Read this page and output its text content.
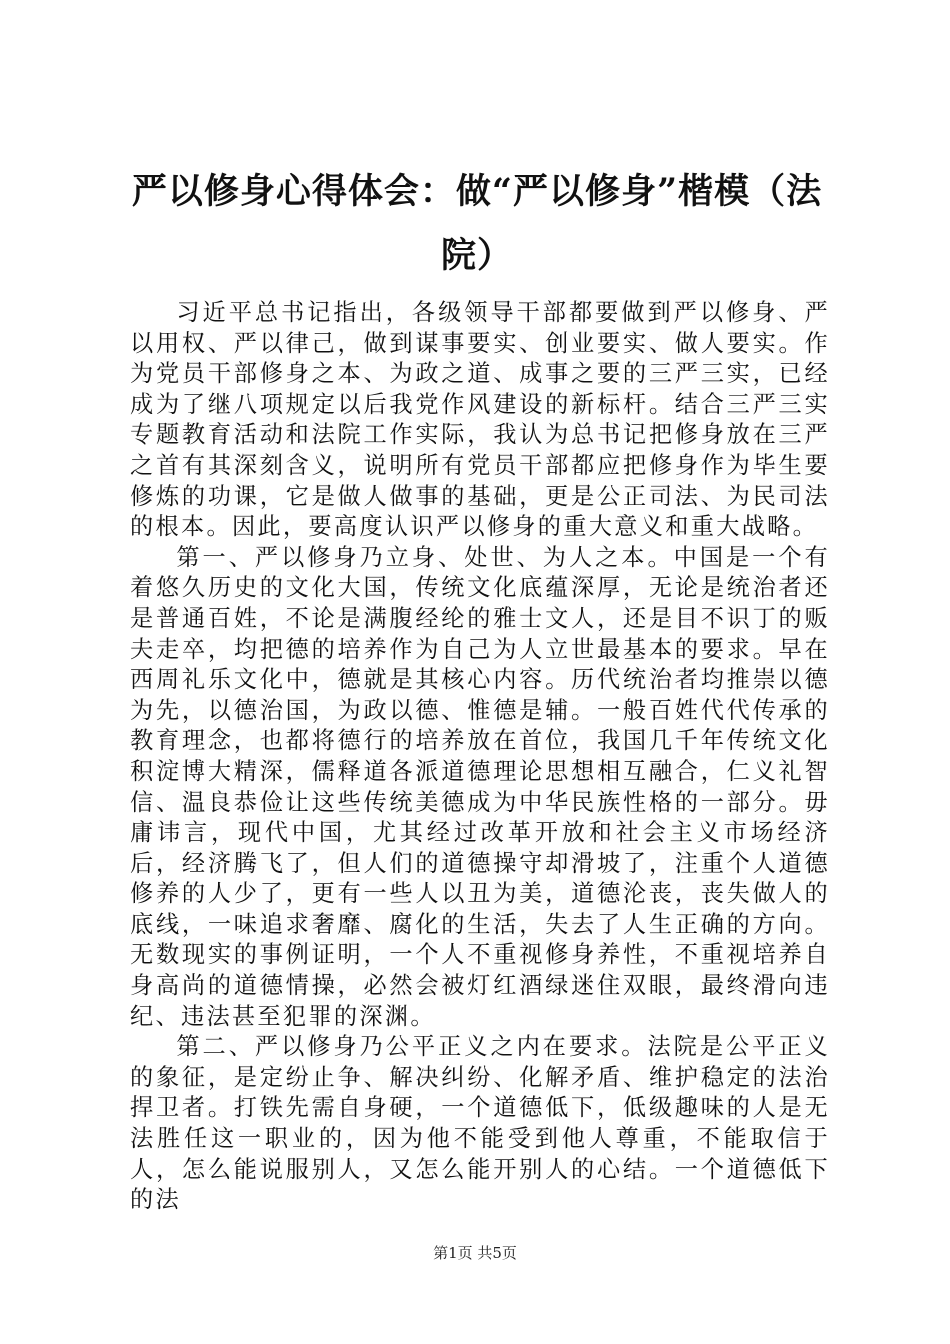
严以修身心得体会：做“严以修身”楷模（法院）

习近平总书记指出，各级领导干部都要做到严以修身、严以用权、严以律己，做到谋事要实、创业要实、做人要实。作为党员干部修身之本、为政之道、成事之要的三严三实，已经成为了继八项规定以后我党作风建设的新标杆。结合三严三实专题教育活动和法院工作实际，我认为总书记把修身放在三严之首有其深刻含义，说明所有党员干部都应把修身作为毕生要修炼的功课，它是做人做事的基础，更是公正司法、为民司法的根本。因此，要高度认识严以修身的重大意义和重大战略。

第一、严以修身乃立身、处世、为人之本。中国是一个有着悠久历史的文化大国，传统文化底蕴深厚，无论是统治者还是普通百姓，不论是满腹经纶的雅士文人，还是目不识丁的贩夫走卒，均把德的培养作为自己为人立世最基本的要求。早在西周礼乐文化中，德就是其核心内容。历代统治者均推崇以德为先，以德治国，为政以德、惟德是辅。一般百姓代代传承的教育理念，也都将德行的培养放在首位，我国几千年传统文化积淀博大精深，儒释道各派道德理论思想相互融合，仁义礼智信、温良恭俭让这些传统美德成为中华民族性格的一部分。毋庸讳言，现代中国，尤其经过改革开放和社会主义市场经济后，经济腾飞了，但人们的道德操守却滑坡了，注重个人道德修养的人少了，更有一些人以丑为美，道德沦丧，丧失做人的底线，一味追求奢靡、腐化的生活，失去了人生正确的方向。无数现实的事例证明，一个人不重视修身养性，不重视培养自身高尚的道德情操，必然会被灯红酒绿迷住双眼，最终滑向违纪、违法甚至犯罪的深渊。

第二、严以修身乃公平正义之内在要求。法院是公平正义的象征，是定纷止争、解决纠纷、化解矛盾、维护稳定的法治捍卫者。打铁先需自身硬，一个道德低下，低级趣味的人是无法胜任这一职业的，因为他不能受到他人尊重，不能取信于人，怎么能说服别人，又怎么能开别人的心结。一个道德低下的法

第1页 共5页
